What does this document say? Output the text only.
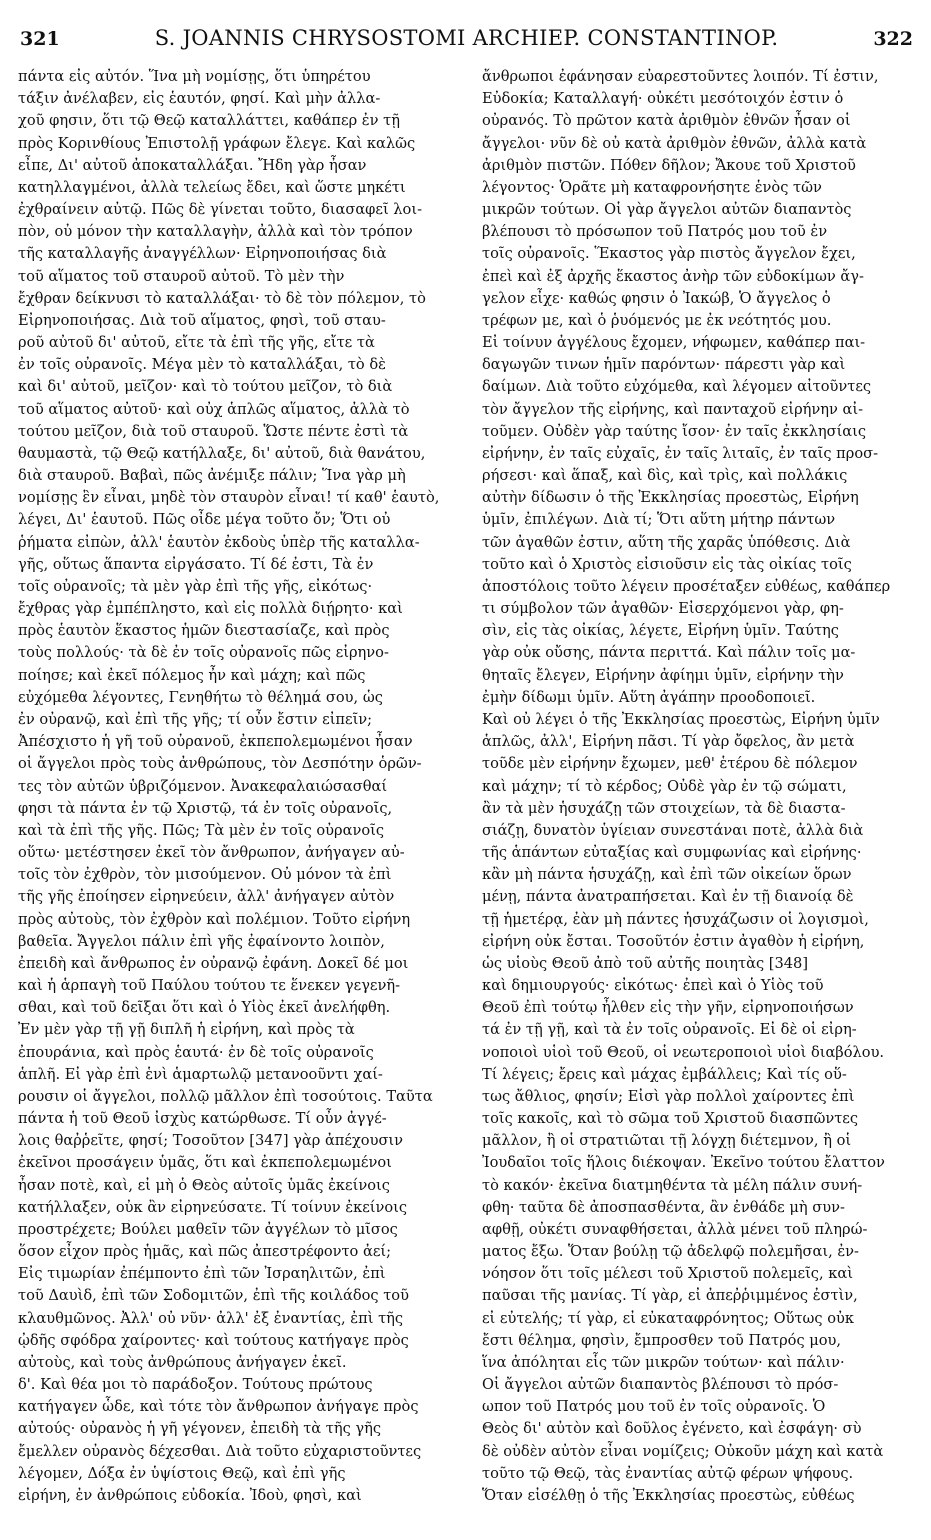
321	S. JOANNIS CHRYSOSTOMI ARCHIEP. CONSTANTINOP.	322
πάντα εἰς αὐτόν. Ἵνα μὴ νομίσῃς, ὅτι ὑπηρέτου
τάξιν ἀνέλαβεν, εἰς ἑαυτόν, φησί. Καὶ μὴν ἀλλα-
χοῦ φησιν, ὅτι τῷ Θεῷ καταλλάττει, καθάπερ ἐν τῇ
πρὸς Κορινθίους Ἐπιστολῇ γράφων ἔλεγε. Καὶ καλῶς
εἶπε, Δι' αὐτοῦ ἀποκαταλλάξαι. Ἤδη γὰρ ἦσαν
κατηλλαγμένοι, ἀλλὰ τελείως ἔδει, καὶ ὥστε μηκέτι
ἐχθραίνειν αὐτῷ. Πῶς δὲ γίνεται τοῦτο, διασαφεῖ λοι-
πὸν, οὐ μόνον τὴν καταλλαγὴν, ἀλλὰ καὶ τὸν τρόπον
τῆς καταλλαγῆς ἀναγγέλλων· Εἰρηνοποιήσας διὰ
τοῦ αἵματος τοῦ σταυροῦ αὐτοῦ. Τὸ μὲν τὴν
ἔχθραν δείκνυσι τὸ καταλλάξαι· τὸ δὲ τὸν πόλεμον, τὸ
Εἰρηνοποιήσας. Διὰ τοῦ αἵματος, φησὶ, τοῦ σταυ-
ροῦ αὐτοῦ δι' αὐτοῦ, εἴτε τὰ ἐπὶ τῆς γῆς, εἴτε τὰ
ἐν τοῖς οὐρανοῖς. Μέγα μὲν τὸ καταλλάξαι, τὸ δὲ
καὶ δι' αὐτοῦ, μεῖζον· καὶ τὸ τούτου μεῖζον, τὸ διὰ
τοῦ αἵματος αὐτοῦ· καὶ οὐχ ἁπλῶς αἵματος, ἀλλὰ τὸ
τούτου μεῖζον, διὰ τοῦ σταυροῦ. Ὥστε πέντε ἐστὶ τὰ
θαυμαστὰ, τῷ Θεῷ κατήλλαξε, δι' αὐτοῦ, διὰ θανάτου,
διὰ σταυροῦ. Βαβαὶ, πῶς ἀνέμιξε πάλιν; Ἵνα γὰρ μὴ
νομίσῃς ἓν εἶναι, μηδὲ τὸν σταυρὸν εἶναι! τί καθ' ἑαυτὸ,
λέγει, Δι' ἑαυτοῦ. Πῶς οἶδε μέγα τοῦτο ὄν; Ὅτι οὐ
ῥήματα εἰπὼν, ἀλλ' ἑαυτὸν ἐκδοὺς ὑπὲρ τῆς καταλλα-
γῆς, οὕτως ἅπαντα εἰργάσατο. Τί δέ ἐστι, Τὰ ἐν
τοῖς οὐρανοῖς; τὰ μὲν γὰρ ἐπὶ τῆς γῆς, εἰκότως·
ἔχθρας γὰρ ἐμπέπληστο, καὶ εἰς πολλὰ διῄρητο· καὶ
πρὸς ἑαυτὸν ἕκαστος ἡμῶν διεστασίαζε, καὶ πρὸς
τοὺς πολλούς· τὰ δὲ ἐν τοῖς οὐρανοῖς πῶς εἰρηνο-
ποίησε; καὶ ἐκεῖ πόλεμος ἦν καὶ μάχη; καὶ πῶς
εὐχόμεθα λέγοντες, Γενηθήτω τὸ θέλημά σου, ὡς
ἐν οὐρανῷ, καὶ ἐπὶ τῆς γῆς; τί οὖν ἔστιν εἰπεῖν;
Ἀπέσχιστο ἡ γῆ τοῦ οὐρανοῦ, ἐκπεπολεμωμένοι ἦσαν
οἱ ἄγγελοι πρὸς τοὺς ἀνθρώπους, τὸν Δεσπότην ὁρῶν-
τες τὸν αὐτῶν ὑβριζόμενον. Ἀνακεφαλαιώσασθαί
φησι τὰ πάντα ἐν τῷ Χριστῷ, τά ἐν τοῖς οὐρανοῖς,
καὶ τὰ ἐπὶ τῆς γῆς. Πῶς; Τὰ μὲν ἐν τοῖς οὐρανοῖς
οὕτω· μετέστησεν ἐκεῖ τὸν ἄνθρωπον, ἀνήγαγεν αὐ-
τοῖς τὸν ἐχθρὸν, τὸν μισούμενον. Οὐ μόνον τὰ ἐπὶ
τῆς γῆς ἐποίησεν εἰρηνεύειν, ἀλλ' ἀνήγαγεν αὐτὸν
πρὸς αὐτοὺς, τὸν ἐχθρὸν καὶ πολέμιον. Τοῦτο εἰρήνη
βαθεῖα. Ἄγγελοι πάλιν ἐπὶ γῆς ἐφαίνοντο λοιπὸν,
ἐπειδὴ καὶ ἄνθρωπος ἐν οὐρανῷ ἐφάνη. Δοκεῖ δέ μοι
καὶ ἡ ἁρπαγὴ τοῦ Παύλου τούτου τε ἕνεκεν γεγενῆ-
σθαι, καὶ τοῦ δεῖξαι ὅτι καὶ ὁ Υἱὸς ἐκεῖ ἀνελήφθη.
Ἐν μὲν γὰρ τῇ γῇ διπλῆ ἡ εἰρήνη, καὶ πρὸς τὰ
ἐπουράνια, καὶ πρὸς ἑαυτά· ἐν δὲ τοῖς οὐρανοῖς
ἁπλῆ. Εἰ γὰρ ἐπὶ ἑνὶ ἁμαρτωλῷ μετανοοῦντι χαί-
ρουσιν οἱ ἄγγελοι, πολλῷ μᾶλλον ἐπὶ τοσούτοις. Ταῦτα
πάντα ἡ τοῦ Θεοῦ ἰσχὺς κατώρθωσε. Τί οὖν ἀγγέ-
λοις θαῤῥεῖτε, φησί; Τοσοῦτον [347] γὰρ ἀπέχουσιν
ἐκεῖνοι προσάγειν ὑμᾶς, ὅτι καὶ ἐκπεπολεμωμένοι
ἦσαν ποτὲ, καὶ, εἰ μὴ ὁ Θεὸς αὐτοῖς ὑμᾶς ἐκείνοις
κατήλλαξεν, οὐκ ἂν εἰρηνεύσατε. Τί τοίνυν ἐκείνοις
προστρέχετε; Βούλει μαθεῖν τῶν ἀγγέλων τὸ μῖσος
ὅσον εἶχον πρὸς ἡμᾶς, καὶ πῶς ἀπεστρέφοντο ἀεί;
Εἰς τιμωρίαν ἐπέμποντο ἐπὶ τῶν Ἰσραηλιτῶν, ἐπὶ
τοῦ Δαυὶδ, ἐπὶ τῶν Σοδομιτῶν, ἐπὶ τῆς κοιλάδος τοῦ
κλαυθμῶνος. Ἀλλ' οὐ νῦν· ἀλλ' ἐξ ἐναντίας, ἐπὶ τῆς
ᾠδῆς σφόδρα χαίροντες· καὶ τούτους κατήγαγε πρὸς
αὐτοὺς, καὶ τοὺς ἀνθρώπους ἀνήγαγεν ἐκεῖ.
δ'. Καὶ θέα μοι τὸ παράδοξον. Τούτους πρώτους
κατήγαγεν ὧδε, καὶ τότε τὸν ἄνθρωπον ἀνήγαγε πρὸς
αὐτούς· οὐρανὸς ἡ γῆ γέγονεν, ἐπειδὴ τὰ τῆς γῆς
ἔμελλεν οὐρανὸς δέχεσθαι. Διὰ τοῦτο εὐχαριστοῦντες
λέγομεν, Δόξα ἐν ὑψίστοις Θεῷ, καὶ ἐπὶ γῆς
εἰρήνη, ἐν ἀνθρώποις εὐδοκία. Ἰδοὺ, φησὶ, καὶ
ἄνθρωποι ἐφάνησαν εὐαρεστοῦντες λοιπόν. Τί ἐστιν,
Εὐδοκία; Καταλλαγή· οὐκέτι μεσότοιχόν ἐστιν ὁ
οὐρανός. Τὸ πρῶτον κατὰ ἀριθμὸν ἐθνῶν ἦσαν οἱ
ἄγγελοι· νῦν δὲ οὐ κατὰ ἀριθμὸν ἐθνῶν, ἀλλὰ κατὰ
ἀριθμὸν πιστῶν. Πόθεν δῆλον; Ἄκουε τοῦ Χριστοῦ
λέγοντος· Ὁρᾶτε μὴ καταφρονήσητε ἑνὸς τῶν
μικρῶν τούτων. Οἱ γὰρ ἄγγελοι αὐτῶν διαπαντὸς
βλέπουσι τὸ πρόσωπον τοῦ Πατρός μου τοῦ ἐν
τοῖς οὐρανοῖς. Ἕκαστος γὰρ πιστὸς ἄγγελον ἔχει,
ἐπεὶ καὶ ἐξ ἀρχῆς ἕκαστος ἀνὴρ τῶν εὐδοκίμων ἄγ-
γελον εἶχε· καθώς φησιν ὁ Ἰακώβ, Ὁ ἄγγελος ὁ
τρέφων με, καὶ ὁ ῥυόμενός με ἐκ νεότητός μου.
Εἰ τοίνυν ἀγγέλους ἔχομεν, νήφωμεν, καθάπερ παι-
δαγωγῶν τινων ἡμῖν παρόντων· πάρεστι γὰρ καὶ
δαίμων. Διὰ τοῦτο εὐχόμεθα, καὶ λέγομεν αἰτοῦντες
τὸν ἄγγελον τῆς εἰρήνης, καὶ πανταχοῦ εἰρήνην αἰ-
τοῦμεν. Οὐδὲν γὰρ ταύτης ἴσον· ἐν ταῖς ἐκκλησίαις
εἰρήνην, ἐν ταῖς εὐχαῖς, ἐν ταῖς λιταῖς, ἐν ταῖς προσ-
ρήσεσι· καὶ ἅπαξ, καὶ δὶς, καὶ τρὶς, καὶ πολλάκις
αὐτὴν δίδωσιν ὁ τῆς Ἐκκλησίας προεστὼς, Εἰρήνη
ὑμῖν, ἐπιλέγων. Διὰ τί; Ὅτι αὕτη μήτηρ πάντων
τῶν ἀγαθῶν ἐστιν, αὕτη τῆς χαρᾶς ὑπόθεσις. Διὰ
τοῦτο καὶ ὁ Χριστὸς εἰσιοῦσιν εἰς τὰς οἰκίας τοῖς
ἀποστόλοις τοῦτο λέγειν προσέταξεν εὐθέως, καθάπερ
τι σύμβολον τῶν ἀγαθῶν· Εἰσερχόμενοι γὰρ, φη-
σὶν, εἰς τὰς οἰκίας, λέγετε, Εἰρήνη ὑμῖν. Ταύτης
γὰρ οὐκ οὔσης, πάντα περιττά. Καὶ πάλιν τοῖς μα-
θηταῖς ἔλεγεν, Εἰρήνην ἀφίημι ὑμῖν, εἰρήνην τὴν
ἐμὴν δίδωμι ὑμῖν. Αὕτη ἀγάπην προοδοποιεῖ.
Καὶ οὐ λέγει ὁ τῆς Ἐκκλησίας προεστὼς, Εἰρήνη ὑμῖν
ἁπλῶς, ἀλλ', Εἰρήνη πᾶσι. Τί γὰρ ὄφελος, ἂν μετὰ
τοῦδε μὲν εἰρήνην ἔχωμεν, μεθ' ἑτέρου δὲ πόλεμον
καὶ μάχην; τί τὸ κέρδος; Οὐδὲ γὰρ ἐν τῷ σώματι,
ἂν τὰ μὲν ἡσυχάζῃ τῶν στοιχείων, τὰ δὲ διαστα-
σιάζῃ, δυνατὸν ὑγίειαν συνεστάναι ποτὲ, ἀλλὰ διὰ
τῆς ἁπάντων εὐταξίας καὶ συμφωνίας καὶ εἰρήνης·
κἂν μὴ πάντα ἡσυχάζῃ, καὶ ἐπὶ τῶν οἰκείων ὅρων
μένῃ, πάντα ἀνατραπήσεται. Καὶ ἐν τῇ διανοίᾳ δὲ
τῇ ἡμετέρᾳ, ἐὰν μὴ πάντες ἡσυχάζωσιν οἱ λογισμοὶ,
εἰρήνη οὐκ ἔσται. Τοσοῦτόν ἐστιν ἀγαθὸν ἡ εἰρήνη,
ὡς υἱοὺς Θεοῦ ἀπὸ τοῦ αὐτῆς ποιητὰς [348]
καὶ δημιουργούς· εἰκότως· ἐπεὶ καὶ ὁ Υἱὸς τοῦ
Θεοῦ ἐπὶ τούτῳ ἦλθεν εἰς τὴν γῆν, εἰρηνοποιήσων
τά ἐν τῇ γῇ, καὶ τὰ ἐν τοῖς οὐρανοῖς. Εἰ δὲ οἱ εἰρη-
νοποιοὶ υἱοὶ τοῦ Θεοῦ, οἱ νεωτεροποιοὶ υἱοὶ διαβόλου.
Τί λέγεις; ἔρεις καὶ μάχας ἐμβάλλεις; Καὶ τίς οὕ-
τως ἄθλιος, φησίν; Εἰσὶ γὰρ πολλοὶ χαίροντες ἐπὶ
τοῖς κακοῖς, καὶ τὸ σῶμα τοῦ Χριστοῦ διασπῶντες
μᾶλλον, ἢ οἱ στρατιῶται τῇ λόγχῃ διέτεμνον, ἢ οἱ
Ἰουδαῖοι τοῖς ἥλοις διέκοψαν. Ἐκεῖνο τούτου ἔλαττον
τὸ κακόν· ἐκεῖνα διατμηθέντα τὰ μέλη πάλιν συνή-
φθη· ταῦτα δὲ ἀποσπασθέντα, ἂν ἐνθάδε μὴ συν-
αφθῇ, οὐκέτι συναφθήσεται, ἀλλὰ μένει τοῦ πληρώ-
ματος ἔξω. Ὅταν βούλῃ τῷ ἀδελφῷ πολεμῆσαι, ἐν-
νόησον ὅτι τοῖς μέλεσι τοῦ Χριστοῦ πολεμεῖς, καὶ
παῦσαι τῆς μανίας. Τί γὰρ, εἰ ἀπεῤῥιμμένος ἐστὶν,
εἰ εὐτελής; τί γὰρ, εἰ εὐκαταφρόνητος; Οὕτως οὐκ
ἔστι θέλημα, φησὶν, ἔμπροσθεν τοῦ Πατρός μου,
ἵνα ἀπόληται εἷς τῶν μικρῶν τούτων· καὶ πάλιν·
Οἱ ἄγγελοι αὐτῶν διαπαντὸς βλέπουσι τὸ πρόσ-
ωπον τοῦ Πατρός μου τοῦ ἐν τοῖς οὐρανοῖς. Ὁ
Θεὸς δι' αὐτὸν καὶ δοῦλος ἐγένετο, καὶ ἐσφάγη· σὺ
δὲ οὐδὲν αὐτὸν εἶναι νομίζεις; Οὐκοῦν μάχη καὶ κατὰ
τοῦτο τῷ Θεῷ, τὰς ἐναντίας αὐτῷ φέρων ψήφους.
Ὅταν εἰσέλθῃ ὁ τῆς Ἐκκλησίας προεστὼς, εὐθέως
